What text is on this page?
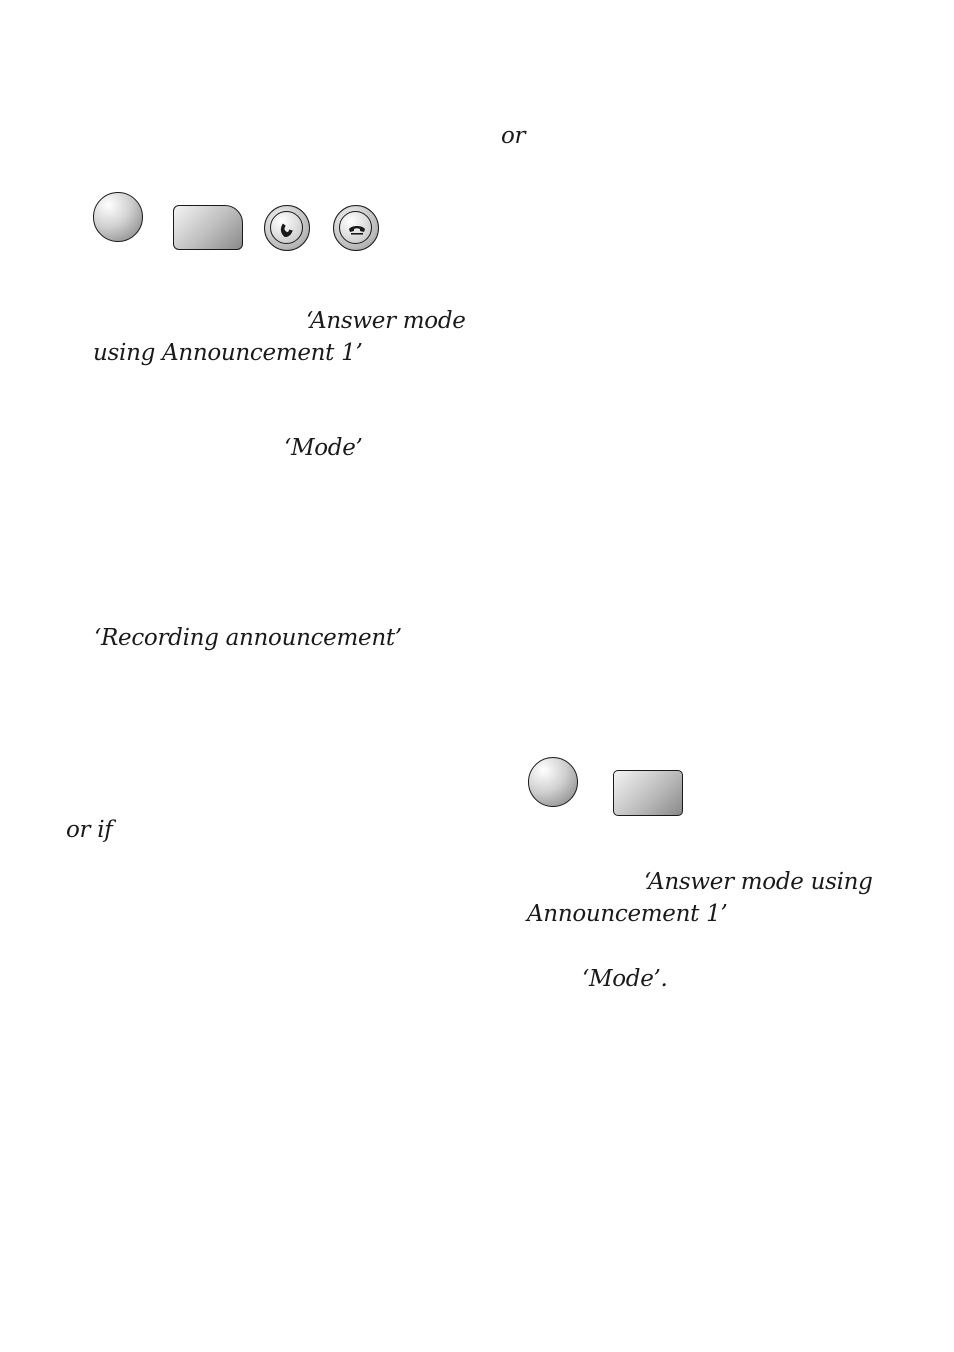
or
‘Answer mode
using Announcement 1’
‘Mode’
‘Recording announcement’
or if
‘Answer mode using
Announcement 1’
‘Mode’.
